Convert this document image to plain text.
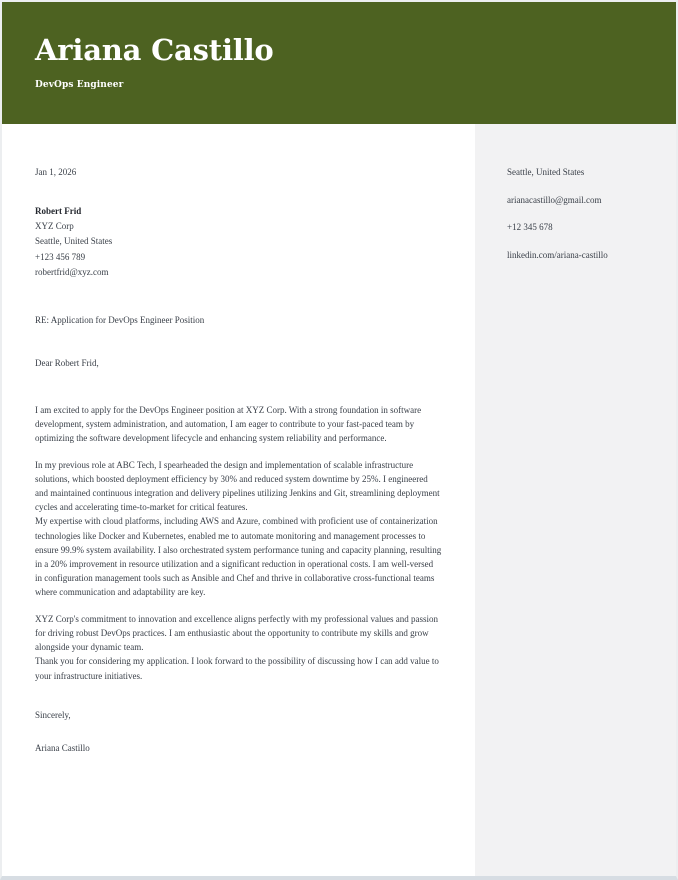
Ariana Castillo
DevOps Engineer
Jan 1, 2026
Robert Frid
XYZ Corp
Seattle, United States
+123 456 789
robertfrid@xyz.com
RE: Application for DevOps Engineer Position
Dear Robert Frid,

I am excited to apply for the DevOps Engineer position at XYZ Corp. With a strong foundation in software development, system administration, and automation, I am eager to contribute to your fast-paced team by optimizing the software development lifecycle and enhancing system reliability and performance.

In my previous role at ABC Tech, I spearheaded the design and implementation of scalable infrastructure solutions, which boosted deployment efficiency by 30% and reduced system downtime by 25%. I engineered and maintained continuous integration and delivery pipelines utilizing Jenkins and Git, streamlining deployment cycles and accelerating time-to-market for critical features.

My expertise with cloud platforms, including AWS and Azure, combined with proficient use of containerization technologies like Docker and Kubernetes, enabled me to automate monitoring and management processes to ensure 99.9% system availability. I also orchestrated system performance tuning and capacity planning, resulting in a 20% improvement in resource utilization and a significant reduction in operational costs. I am well-versed in configuration management tools such as Ansible and Chef and thrive in collaborative cross-functional teams where communication and adaptability are key.

XYZ Corp's commitment to innovation and excellence aligns perfectly with my professional values and passion for driving robust DevOps practices. I am enthusiastic about the opportunity to contribute my skills and grow alongside your dynamic team.

Thank you for considering my application. I look forward to the possibility of discussing how I can add value to your infrastructure initiatives.

Sincerely,
Ariana Castillo
Seattle, United States
arianacastillo@gmail.com
+12 345 678
linkedin.com/ariana-castillo
